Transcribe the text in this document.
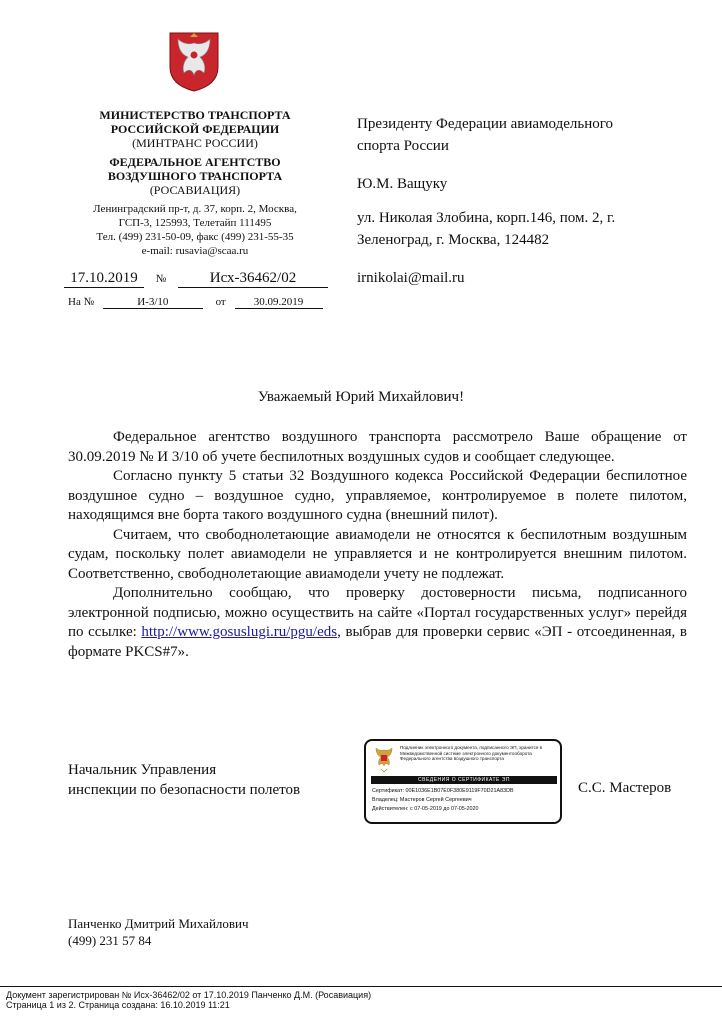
МИНИСТЕРСТВО ТРАНСПОРТА
РОССИЙСКОЙ ФЕДЕРАЦИИ
(МИНТРАНС РОССИИ)
ФЕДЕРАЛЬНОЕ АГЕНТСТВО
ВОЗДУШНОГО ТРАНСПОРТА
(РОСАВИАЦИЯ)
Ленинградский пр-т, д. 37, корп. 2, Москва,
ГСП-3, 125993, Телетайп 111495
Тел. (499) 231-50-09, факс (499) 231-55-35
e-mail: rusavia@scaa.ru
17.10.2019 №	Исх-36462/02
На №	И-3/10	от	30.09.2019
Президенту Федерации авиамодельного
спорта России
Ю.М. Ващуку
ул. Николая Злобина, корп.146, пом. 2, г.
Зеленоград, г. Москва, 124482
irnikolai@mail.ru
Уважаемый Юрий Михайлович!

Федеральное агентство воздушного транспорта рассмотрело Ваше обращение от 30.09.2019 № И 3/10 об учете беспилотных воздушных судов и сообщает следующее.

Согласно пункту 5 статьи 32 Воздушного кодекса Российской Федерации беспилотное воздушное судно – воздушное судно, управляемое, контролируемое в полете пилотом, находящимся вне борта такого воздушного судна (внешний пилот).

Считаем, что свободнолетающие авиамодели не относятся к беспилотным воздушным судам, поскольку полет авиамодели не управляется и не контролируется внешним пилотом. Соответственно, свободнолетающие авиамодели учету не подлежат.

Дополнительно сообщаю, что проверку достоверности письма, подписанного электронной подписью, можно осуществить на сайте «Портал государственных услуг» перейдя по ссылке: http://www.gosuslugi.ru/pgu/eds, выбрав для проверки сервис «ЭП - отсоединенная, в формате PKCS#7».

Начальник Управления
инспекции по безопасности полетов	С.С. Мастеров
Подлинник электронного документа, подписанного ЭП, хранится в Межведомственной системе электронного документооборота Федерального агентства воздушного транспорта
СВЕДЕНИЯ О СЕРТИФИКАТЕ ЭП
Сертификат: 00E1036E1B07E0F380E9119F70D21A83DB
Владелец: Мастеров Сергей Сергеевич
Действителен: с 07-05-2019 до 07-05-2020
Панченко Дмитрий Михайлович
(499) 231 57 84
Документ зарегистрирован № Исх-36462/02 от 17.10.2019 Панченко Д.М. (Росавиация)
Страница 1 из 2. Страница создана: 16.10.2019 11:21
